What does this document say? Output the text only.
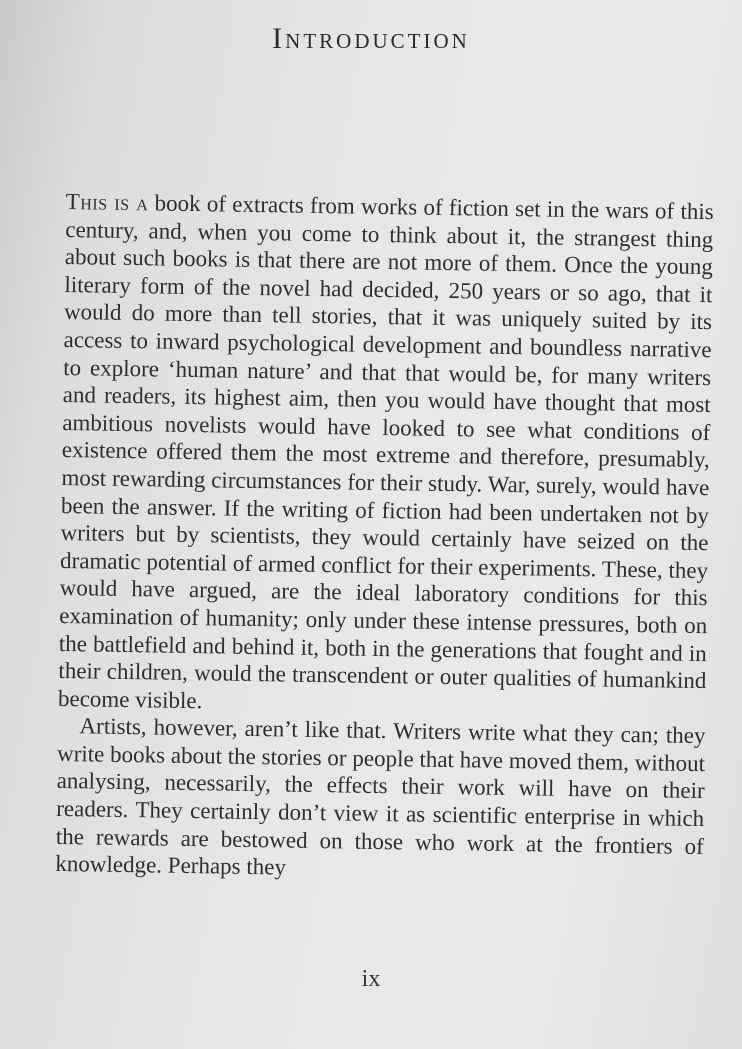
Introduction

This is a book of extracts from works of fiction set in the wars of this century, and, when you come to think about it, the strangest thing about such books is that there are not more of them. Once the young literary form of the novel had decided, 250 years or so ago, that it would do more than tell stories, that it was uniquely suited by its access to inward psychological development and boundless narrative to explore ‘human nature’ and that that would be, for many writers and readers, its highest aim, then you would have thought that most ambitious novelists would have looked to see what conditions of existence offered them the most extreme and therefore, presumably, most rewarding circumstances for their study. War, surely, would have been the answer. If the writing of fiction had been undertaken not by writers but by scientists, they would certainly have seized on the dramatic potential of armed conflict for their experiments. These, they would have argued, are the ideal laboratory conditions for this examination of humanity; only under these intense pressures, both on the battlefield and behind it, both in the generations that fought and in their children, would the transcendent or outer qualities of humankind become visible.

Artists, however, aren’t like that. Writers write what they can; they write books about the stories or people that have moved them, without analysing, necessarily, the effects their work will have on their readers. They certainly don’t view it as scientific enterprise in which the rewards are bestowed on those who work at the frontiers of knowledge. Perhaps they

ix
